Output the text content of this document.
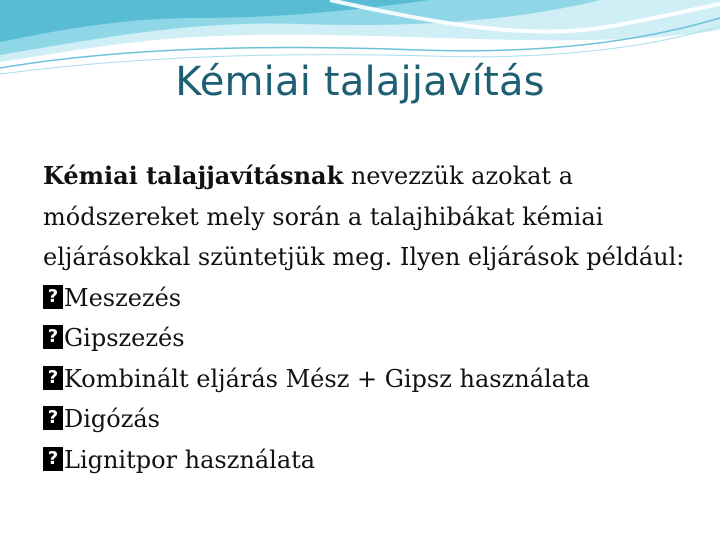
Kémiai talajjavítás

Kémiai talajjavításnak nevezzük azokat a módszereket mely során a talajhibákat kémiai eljárásokkal szüntetjük meg. Ilyen eljárások például:

? Meszezés
? Gipszezés
? Kombinált eljárás Mész + Gipsz használata
? Digózás
? Lignitpor használata
